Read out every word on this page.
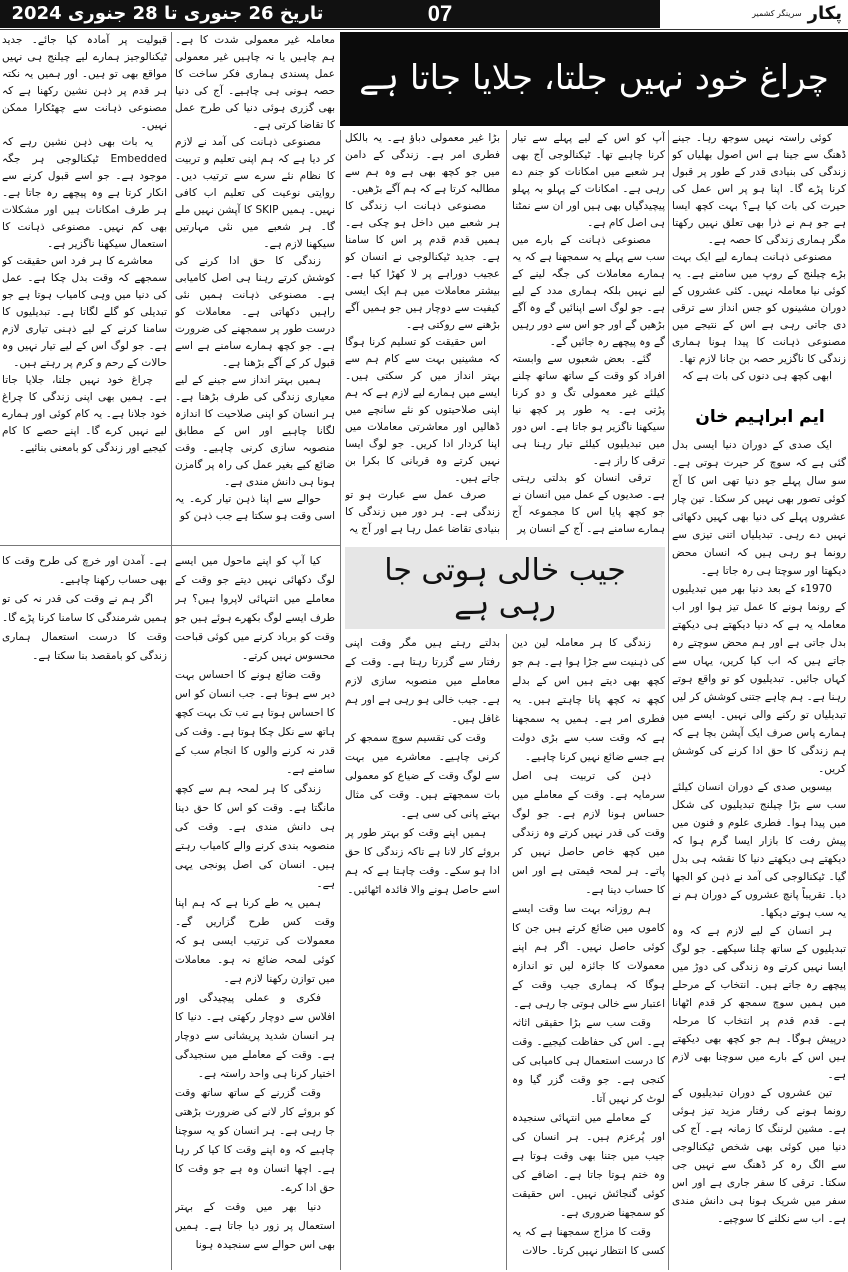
تاریخ 26 جنوری تا 28 جنوری 2024	07	پکار$^{سرینگر کشمیر}$
چراغ خود نہیں جلتا، جلایا جاتا ہے

کوئی راستہ نہیں سوجھ رہا۔ جینے ڈھنگ سے جینا ہے اس اصول بھلیاں کو زندگی کی بنیادی قدر کے طور پر قبول کرنا پڑے گا۔ اپنا ہو پر اس عمل کی حیرت کی بات کیا ہے؟ بہت کچھ ایسا ہے جو ہم نے ذرا بھی تعلق نہیں رکھتا مگر ہماری زندگی کا حصہ ہے۔

مصنوعی ذہانت ہمارے لیے ایک بہت بڑے چیلنج کے روپ میں سامنے ہے۔ یہ کوئی نیا معاملہ نہیں۔ کئی عشروں کے دوران مشینوں کو جس انداز سے ترقی دی جاتی رہی ہے اس کے نتیجے میں مصنوعی ذہانت کا پیدا ہونا ہماری زندگی کا ناگزیر حصہ بن جانا لازم تھا۔

ابھی کچھ ہی دنوں کی بات ہے کہ

آپ کو اس کے لیے پہلے سے تیار کرنا چاہیے تھا۔ ٹیکنالوجی آج بھی ہر شعبے میں امکانات کو جنم دے رہی ہے۔ امکانات کے پہلو بہ پہلو پیچیدگیاں بھی ہیں اور ان سے نمٹنا ہی اصل کام ہے۔

مصنوعی ذہانت کے بارے میں سب سے پہلے یہ سمجھنا ہے کہ یہ ہمارے معاملات کی جگہ لینے کے لیے نہیں بلکہ ہماری مدد کے لیے ہے۔ جو لوگ اسے اپنائیں گے وہ آگے بڑھیں گے اور جو اس سے دور رہیں گے وہ پیچھے رہ جائیں گے۔

گئے۔ بعض شعبوں سے وابستہ افراد کو وقت کے ساتھ ساتھ چلنے کیلئے غیر معمولی تگ و دو کرنا پڑتی ہے۔ یہ طور پر کچھ نیا سیکھنا ناگزیر ہو جاتا ہے۔ اس دور میں تبدیلیوں کیلئے تیار رہنا ہی ترقی کا راز ہے۔

ترقی انسان کو بدلتی رہتی ہے۔ صدیوں کے عمل میں انسان نے جو کچھ پایا اس کا مجموعہ آج ہمارے سامنے ہے۔ آج کے انسان پر

بڑا غیر معمولی دباؤ ہے۔ یہ بالکل فطری امر ہے۔ زندگی کے دامن میں جو کچھ بھی ہے وہ ہم سے مطالبہ کرتا ہے کہ ہم آگے بڑھیں۔

مصنوعی ذہانت اب زندگی کا ہر شعبے میں داخل ہو چکی ہے۔ ہمیں قدم قدم پر اس کا سامنا ہے۔ جدید ٹیکنالوجی نے انسان کو عجیب دوراہے پر لا کھڑا کیا ہے۔ بیشتر معاملات میں ہم ایک ایسی کیفیت سے دوچار ہیں جو ہمیں آگے بڑھنے سے روکتی ہے۔

اس حقیقت کو تسلیم کرنا ہوگا کہ مشینیں بہت سے کام ہم سے بہتر انداز میں کر سکتی ہیں۔ ایسے میں ہمارے لیے لازم ہے کہ ہم اپنی صلاحیتوں کو نئے سانچے میں ڈھالیں اور معاشرتی معاملات میں اپنا کردار ادا کریں۔ جو لوگ ایسا نہیں کرتے وہ قربانی کا بکرا بن جاتے ہیں۔

صرف عمل سے عبارت ہو تو زندگی ہے۔ ہر دور میں زندگی کا بنیادی تقاضا عمل رہا ہے اور آج یہ

معاملہ غیر معمولی شدت کا ہے۔ ہم چاہیں یا نہ چاہیں غیر معمولی عمل پسندی ہماری فکر ساخت کا حصہ ہونی ہی چاہیے۔ آج کی دنیا بھی گزری ہوئی دنیا کی طرح عمل کا تقاضا کرتی ہے۔

مصنوعی ذہانت کی آمد نے لازم کر دیا ہے کہ ہم اپنی تعلیم و تربیت کا نظام نئے سرے سے ترتیب دیں۔ روایتی نوعیت کی تعلیم اب کافی نہیں۔ ہمیں SKIP کا آپشن نہیں ملے گا۔ ہر شعبے میں نئی مہارتیں سیکھنا لازم ہے۔

زندگی کا حق ادا کرنے کی کوشش کرتے رہنا ہی اصل کامیابی ہے۔ مصنوعی ذہانت ہمیں نئی راہیں دکھاتی ہے۔ معاملات کو درست طور پر سمجھنے کی ضرورت ہے۔ جو کچھ ہمارے سامنے ہے اسے قبول کر کے آگے بڑھنا ہے۔

ہمیں بہتر انداز سے جینے کے لیے معیاری زندگی کی طرف بڑھنا ہے۔ ہر انسان کو اپنی صلاحیت کا اندازہ لگانا چاہیے اور اس کے مطابق منصوبہ سازی کرنی چاہیے۔ وقت ضائع کیے بغیر عمل کی راہ پر گامزن ہونا ہی دانش مندی ہے۔

حوالے سے اپنا ذہن تیار کرے۔ یہ اسی وقت ہو سکتا ہے جب ذہن کو

قبولیت پر آمادہ کیا جائے۔ جدید ٹیکنالوجیز ہمارے لیے چیلنج ہی نہیں مواقع بھی تو ہیں۔ اور ہمیں یہ نکتہ ہر قدم پر ذہن نشین رکھنا ہے کہ مصنوعی ذہانت سے چھٹکارا ممکن نہیں۔

یہ بات بھی ذہن نشین رہے کہ Embedded ٹیکنالوجی ہر جگہ موجود ہے۔ جو اسے قبول کرنے سے انکار کرتا ہے وہ پیچھے رہ جاتا ہے۔ ہر طرف امکانات ہیں اور مشکلات بھی کم نہیں۔ مصنوعی ذہانت کا استعمال سیکھنا ناگزیر ہے۔

معاشرے کا ہر فرد اس حقیقت کو سمجھے کہ وقت بدل چکا ہے۔ عمل کی دنیا میں وہی کامیاب ہوتا ہے جو تبدیلی کو گلے لگاتا ہے۔ تبدیلیوں کا سامنا کرنے کے لیے ذہنی تیاری لازم ہے۔ جو لوگ اس کے لیے تیار نہیں وہ حالات کے رحم و کرم پر رہتے ہیں۔

چراغ خود نہیں جلتا، جلایا جاتا ہے۔ ہمیں بھی اپنی زندگی کا چراغ خود جلانا ہے۔ یہ کام کوئی اور ہمارے لیے نہیں کرے گا۔ اپنے حصے کا کام کیجیے اور زندگی کو بامعنی بنائیے۔

ایم ابراہیم خان

ایک صدی کے دوران دنیا ایسی بدل گئی ہے کہ سوچ کر حیرت ہوتی ہے۔ سو سال پہلے جو دنیا تھی اس کا آج کوئی تصور بھی نہیں کر سکتا۔ تین چار عشروں پہلے کی دنیا بھی کہیں دکھائی نہیں دے رہی۔ تبدیلیاں اتنی تیزی سے رونما ہو رہی ہیں کہ انسان محض دیکھتا اور سوچتا ہی رہ جاتا ہے۔

1970ء کے بعد دنیا بھر میں تبدیلیوں کے رونما ہونے کا عمل تیز ہوا اور اب معاملہ یہ ہے کہ دنیا دیکھتے ہی دیکھتے بدل جاتی ہے اور ہم محض سوچتے رہ جاتے ہیں کہ اب کیا کریں، یہاں سے کہاں جائیں۔ تبدیلیوں کو تو واقع ہوتے رہنا ہے۔ ہم چاہے جتنی کوشش کر لیں تبدیلیاں تو رکنے والی نہیں۔ ایسے میں ہمارے پاس صرف ایک آپشن بچا ہے کہ ہم زندگی کا حق ادا کرنے کی کوشش کریں۔

بیسویں صدی کے دوران انسان کیلئے سب سے بڑا چیلنج تبدیلیوں کی شکل میں پیدا ہوا۔ فطری علوم و فنون میں پیش رفت کا بازار ایسا گرم ہوا کہ دیکھتے ہی دیکھتے دنیا کا نقشہ ہی بدل گیا۔ ٹیکنالوجی کی آمد نے ذہن کو الجھا دیا۔ تقریباً پانچ عشروں کے دوران ہم نے یہ سب ہوتے دیکھا۔

ہر انسان کے لیے لازم ہے کہ وہ تبدیلیوں کے ساتھ چلنا سیکھے۔ جو لوگ ایسا نہیں کرتے وہ زندگی کی دوڑ میں پیچھے رہ جاتے ہیں۔ انتخاب کے مرحلے میں ہمیں سوچ سمجھ کر قدم اٹھانا ہے۔ قدم قدم پر انتخاب کا مرحلہ درپیش ہوگا۔ ہم جو کچھ بھی دیکھتے ہیں اس کے بارے میں سوچنا بھی لازم ہے۔

تین عشروں کے دوران تبدیلیوں کے رونما ہونے کی رفتار مزید تیز ہوئی ہے۔ مشین لرننگ کا زمانہ ہے۔ آج کی دنیا میں کوئی بھی شخص ٹیکنالوجی سے الگ رہ کر ڈھنگ سے نہیں جی سکتا۔ ترقی کا سفر جاری ہے اور اس سفر میں شریک ہونا ہی دانش مندی ہے۔ اب سے نکلنے کا سوچیے۔

جیب خالی ہوتی جا رہی ہے

زندگی کا ہر معاملہ لین دین کی ذہنیت سے جڑا ہوا ہے۔ ہم جو کچھ بھی دیتے ہیں اس کے بدلے کچھ نہ کچھ پانا چاہتے ہیں۔ یہ فطری امر ہے۔ ہمیں یہ سمجھنا ہے کہ وقت سب سے بڑی دولت ہے جسے ضائع نہیں کرنا چاہیے۔

ذہن کی تربیت ہی اصل سرمایہ ہے۔ وقت کے معاملے میں حساس ہونا لازم ہے۔ جو لوگ وقت کی قدر نہیں کرتے وہ زندگی میں کچھ خاص حاصل نہیں کر پاتے۔ ہر لمحہ قیمتی ہے اور اس کا حساب دینا ہے۔

ہم روزانہ بہت سا وقت ایسے کاموں میں ضائع کرتے ہیں جن کا کوئی حاصل نہیں۔ اگر ہم اپنے معمولات کا جائزہ لیں تو اندازہ ہوگا کہ ہماری جیب وقت کے اعتبار سے خالی ہوتی جا رہی ہے۔

وقت سب سے بڑا حقیقی اثاثہ ہے۔ اس کی حفاظت کیجیے۔ وقت کا درست استعمال ہی کامیابی کی کنجی ہے۔ جو وقت گزر گیا وہ لوٹ کر نہیں آتا۔

کے معاملے میں انتہائی سنجیدہ اور پُرعزم ہیں۔ ہر انسان کی جیب میں جتنا بھی وقت ہوتا ہے وہ ختم ہوتا جاتا ہے۔ اضافے کی کوئی گنجائش نہیں۔ اس حقیقت کو سمجھنا ضروری ہے۔

وقت کا مزاج سمجھنا ہے کہ یہ کسی کا انتظار نہیں کرتا۔ حالات

بدلتے رہتے ہیں مگر وقت اپنی رفتار سے گزرتا رہتا ہے۔ وقت کے معاملے میں منصوبہ سازی لازم ہے۔ جیب خالی ہو رہی ہے اور ہم غافل ہیں۔

وقت کی تقسیم سوچ سمجھ کر کرنی چاہیے۔ معاشرے میں بہت سے لوگ وقت کے ضیاع کو معمولی بات سمجھتے ہیں۔ وقت کی مثال بہتے پانی کی سی ہے۔

ہمیں اپنے وقت کو بہتر طور پر بروئے کار لانا ہے تاکہ زندگی کا حق ادا ہو سکے۔ وقت چاہتا ہے کہ ہم اسے حاصل ہونے والا فائدہ اٹھائیں۔

کیا آپ کو اپنے ماحول میں ایسے لوگ دکھائی نہیں دیتے جو وقت کے معاملے میں انتہائی لاپروا ہیں؟ ہر طرف ایسے لوگ بکھرے ہوئے ہیں جو وقت کو برباد کرنے میں کوئی قباحت محسوس نہیں کرتے۔

وقت ضائع ہونے کا احساس بہت دیر سے ہوتا ہے۔ جب انسان کو اس کا احساس ہوتا ہے تب تک بہت کچھ ہاتھ سے نکل چکا ہوتا ہے۔ وقت کی قدر نہ کرنے والوں کا انجام سب کے سامنے ہے۔

زندگی کا ہر لمحہ ہم سے کچھ مانگتا ہے۔ وقت کو اس کا حق دینا ہی دانش مندی ہے۔ وقت کی منصوبہ بندی کرنے والے کامیاب رہتے ہیں۔ انسان کی اصل پونجی یہی ہے۔

ہمیں یہ طے کرنا ہے کہ ہم اپنا وقت کس طرح گزاریں گے۔ معمولات کی ترتیب ایسی ہو کہ کوئی لمحہ ضائع نہ ہو۔ معاملات میں توازن رکھنا لازم ہے۔

فکری و عملی پیچیدگی اور افلاس سے دوچار رکھتی ہے۔ دنیا کا ہر انسان شدید پریشانی سے دوچار ہے۔ وقت کے معاملے میں سنجیدگی اختیار کرنا ہی واحد راستہ ہے۔

وقت گزرنے کے ساتھ ساتھ وقت کو بروئے کار لانے کی ضرورت بڑھتی جا رہی ہے۔ ہر انسان کو یہ سوچنا چاہیے کہ وہ اپنے وقت کا کیا کر رہا ہے۔ اچھا انسان وہ ہے جو وقت کا حق ادا کرے۔

دنیا بھر میں وقت کے بہتر استعمال پر زور دیا جاتا ہے۔ ہمیں بھی اس حوالے سے سنجیدہ ہونا

ہے۔ آمدن اور خرچ کی طرح وقت کا بھی حساب رکھنا چاہیے۔

اگر ہم نے وقت کی قدر نہ کی تو ہمیں شرمندگی کا سامنا کرنا پڑے گا۔ وقت کا درست استعمال ہماری زندگی کو بامقصد بنا سکتا ہے۔
